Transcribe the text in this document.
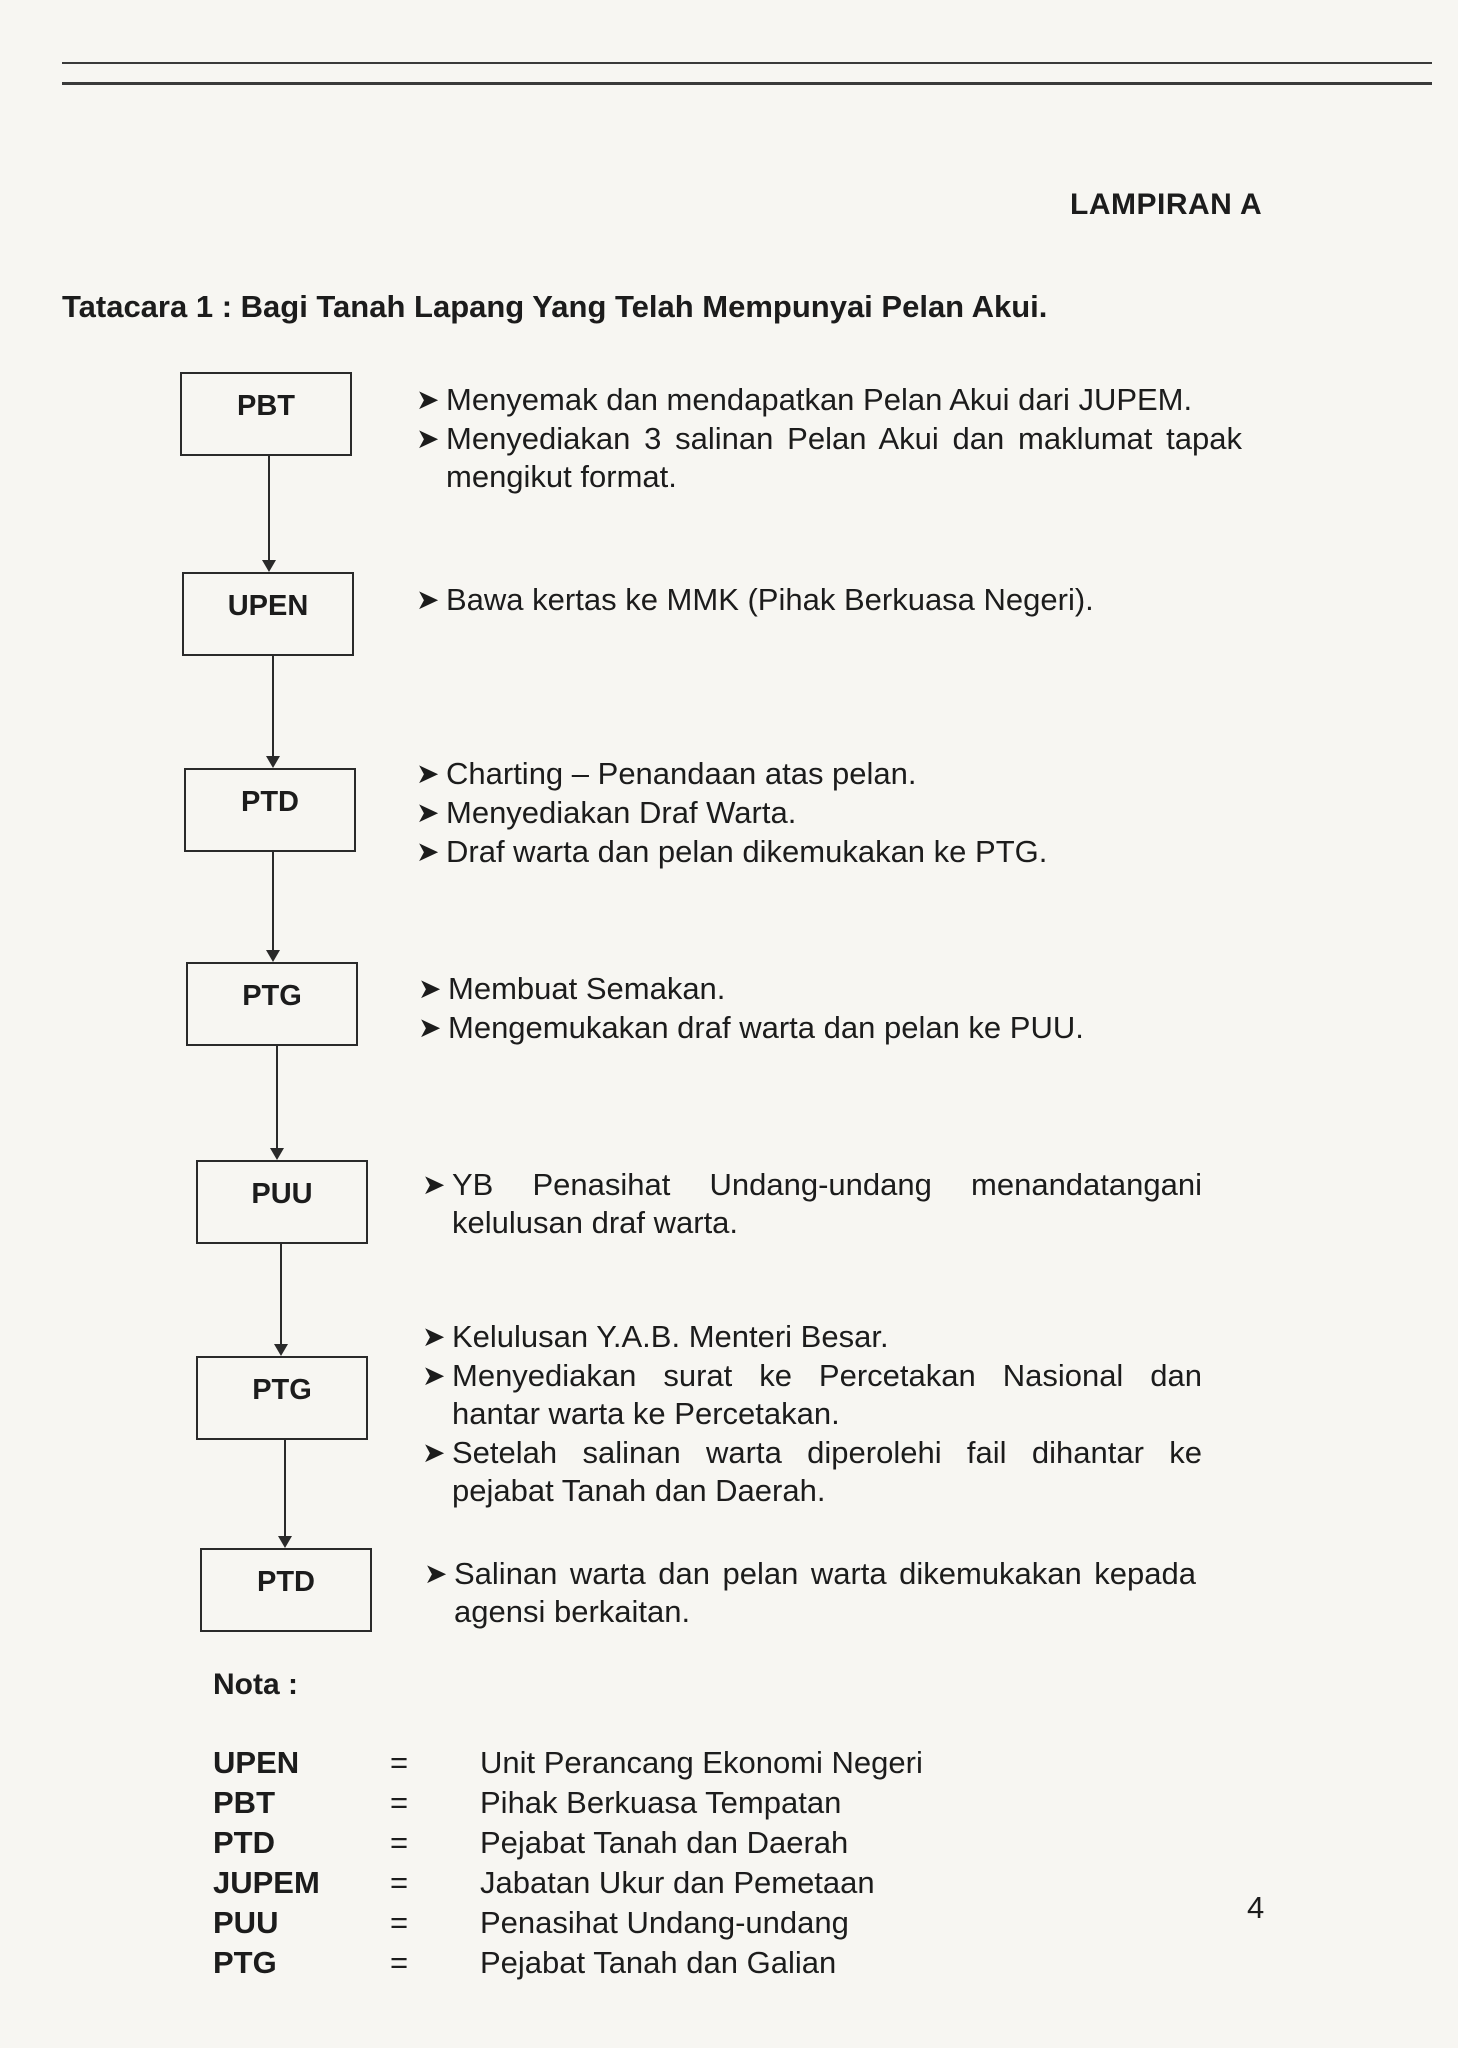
LAMPIRAN A
Tatacara 1 : Bagi Tanah Lapang Yang Telah Mempunyai Pelan Akui.
PBT
UPEN
PTD
PTG
PUU
PTG
PTD
➤ Menyemak dan mendapatkan Pelan Akui dari JUPEM.
➤ Menyediakan 3 salinan Pelan Akui dan maklumat tapak mengikut format.
➤ Bawa kertas ke MMK (Pihak Berkuasa Negeri).
➤ Charting – Penandaan atas pelan.
➤ Menyediakan Draf Warta.
➤ Draf warta dan pelan dikemukakan ke PTG.
➤ Membuat Semakan.
➤ Mengemukakan draf warta dan pelan ke PUU.
➤ YB Penasihat Undang-undang menandatangani kelulusan draf warta.
➤ Kelulusan Y.A.B. Menteri Besar.
➤ Menyediakan surat ke Percetakan Nasional dan hantar warta ke Percetakan.
➤ Setelah salinan warta diperolehi fail dihantar ke pejabat Tanah dan Daerah.
➤ Salinan warta dan pelan warta dikemukakan kepada agensi berkaitan.
Nota :
UPEN	= Unit Perancang Ekonomi Negeri
PBT	= Pihak Berkuasa Tempatan
PTD	= Pejabat Tanah dan Daerah
JUPEM = Jabatan Ukur dan Pemetaan
PUU	= Penasihat Undang-undang
PTG	= Pejabat Tanah dan Galian
4
